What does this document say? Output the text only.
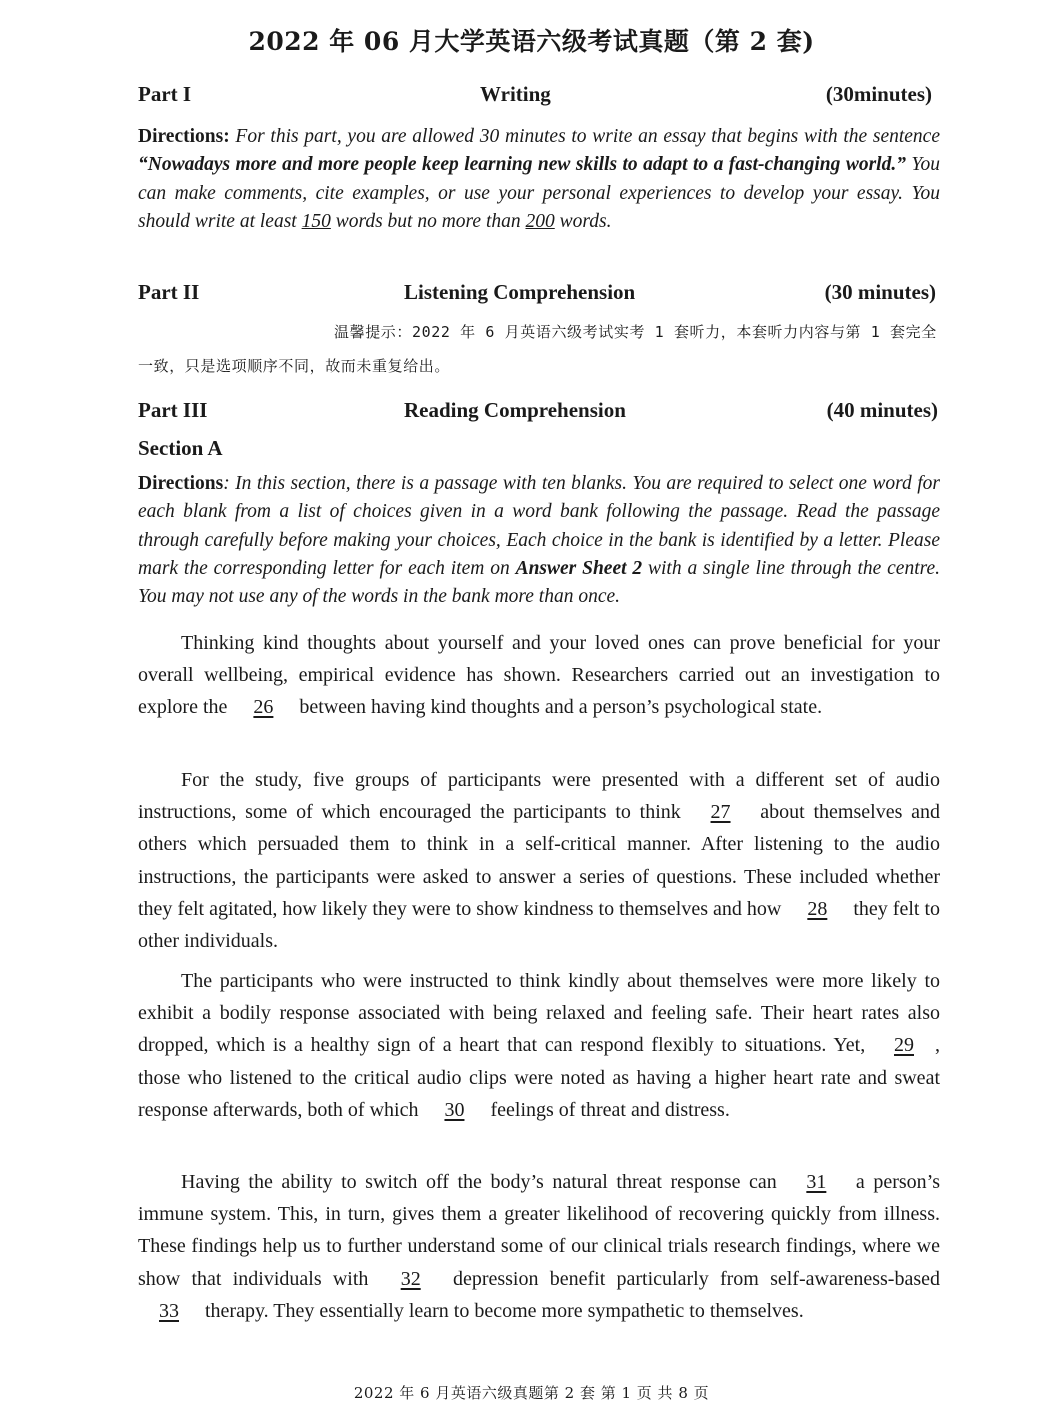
2022 年 06 月大学英语六级考试真题（第 2 套)
Part I	Writing	(30minutes)
Directions: For this part, you are allowed 30 minutes to write an essay that begins with the sentence “Nowadays more and more people keep learning new skills to adapt to a fast-changing world.” You can make comments, cite examples, or use your personal experiences to develop your essay. You should write at least 150 words but no more than 200 words.
Part II	Listening Comprehension	(30 minutes)
温馨提示：2022 年 6 月英语六级考试实考 1 套听力，本套听力内容与第 1 套完全一致，只是选项顺序不同，故而未重复给出。
Part III	Reading Comprehension	(40 minutes)
Section A
Directions: In this section, there is a passage with ten blanks. You are required to select one word for each blank from a list of choices given in a word bank following the passage. Read the passage through carefully before making your choices, Each choice in the bank is identified by a letter. Please mark the corresponding letter for each item on Answer Sheet 2 with a single line through the centre. You may not use any of the words in the bank more than once.

Thinking kind thoughts about yourself and your loved ones can prove beneficial for your overall wellbeing, empirical evidence has shown. Researchers carried out an investigation to explore the 26 between having kind thoughts and a person’s psychological state.

For the study, five groups of participants were presented with a different set of audio instructions, some of which encouraged the participants to think 27 about themselves and others which persuaded them to think in a self-critical manner. After listening to the audio instructions, the participants were asked to answer a series of questions. These included whether they felt agitated, how likely they were to show kindness to themselves and how 28 they felt to other individuals.

The participants who were instructed to think kindly about themselves were more likely to exhibit a bodily response associated with being relaxed and feeling safe. Their heart rates also dropped, which is a healthy sign of a heart that can respond flexibly to situations. Yet, 29 , those who listened to the critical audio clips were noted as having a higher heart rate and sweat response afterwards, both of which 30 feelings of threat and distress.

Having the ability to switch off the body’s natural threat response can 31 a person’s immune system. This, in turn, gives them a greater likelihood of recovering quickly from illness. These findings help us to further understand some of our clinical trials research findings, where we show that individuals with 32 depression benefit particularly from self-awareness-based 33 therapy. They essentially learn to become more sympathetic to themselves.

2022 年 6 月英语六级真题第 2 套 第 1 页 共 8 页
